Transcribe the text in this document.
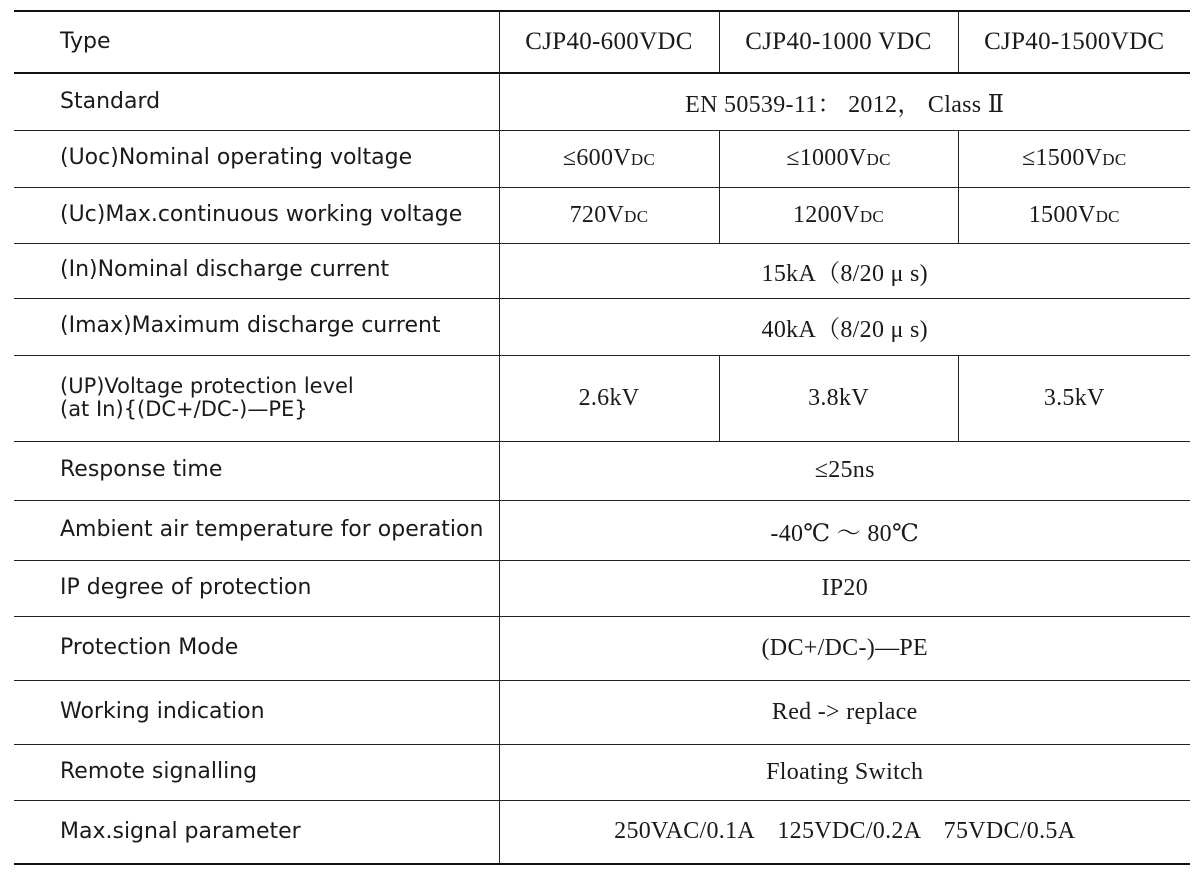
Type	CJP40-600VDC	CJP40-1000 VDC	CJP40-1500VDC
Standard	EN 50539-11： 2012， Class Ⅱ		
(Uoc)Nominal operating voltage	≤600VDC	≤1000VDC	≤1500VDC
(Uc)Max.continuous working voltage	720VDC	1200VDC	1500VDC
(In)Nominal discharge current	15kA（8/20 μ s)		
(Imax)Maximum discharge current	40kA（8/20 μ s)		

(UP)Voltage protection level
(at In){(DC+/DC-)—PE}	2.6kV	3.8kV	3.5kV
Response time	≤25ns		
Ambient air temperature for operation	-40℃ ～ 80℃		
IP degree of protection	IP20		
Protection Mode	(DC+/DC-)—PE		
Working indication	Red -> replace		
Remote signalling	Floating Switch		
Max.signal parameter	250VAC/0.1A 125VDC/0.2A 75VDC/0.5A		
